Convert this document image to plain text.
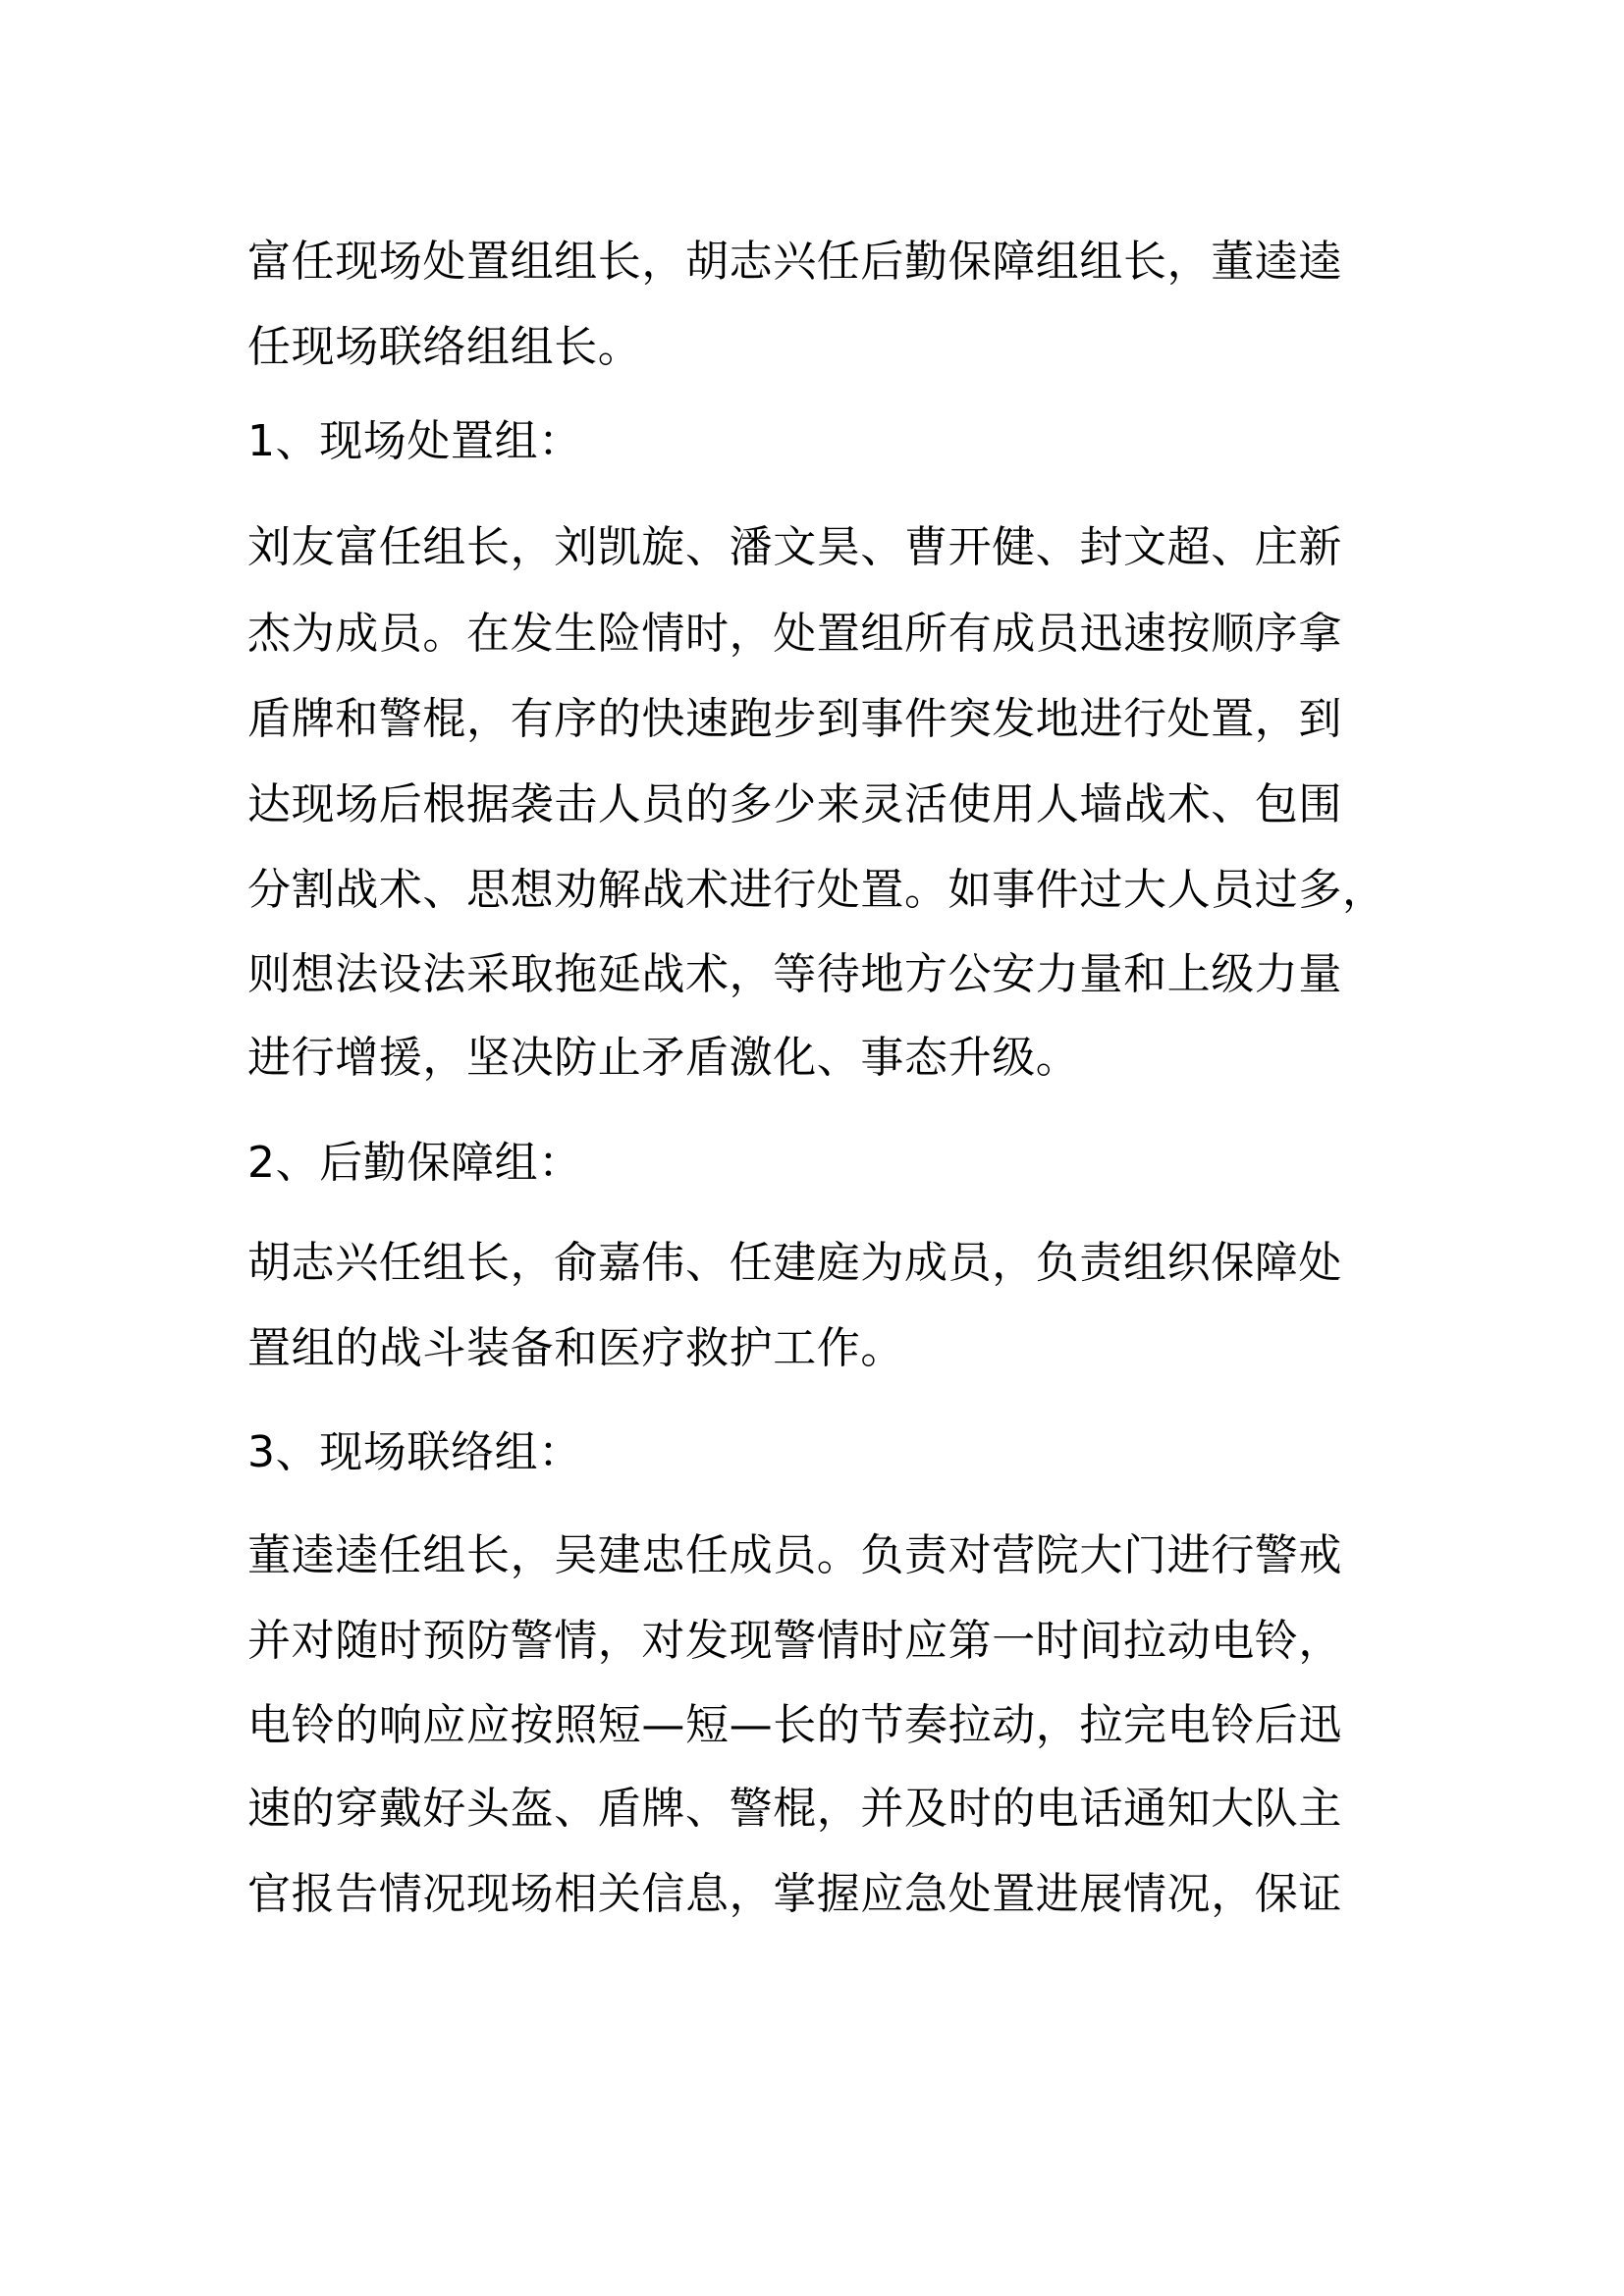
富任现场处置组组长，胡志兴任后勤保障组组长，董逵逵
任现场联络组组长。
1、现场处置组：
刘友富任组长，刘凯旋、潘文昊、曹开健、封文超、庄新
杰为成员。在发生险情时，处置组所有成员迅速按顺序拿
盾牌和警棍，有序的快速跑步到事件突发地进行处置，到
达现场后根据袭击人员的多少来灵活使用人墙战术、包围
分割战术、思想劝解战术进行处置。如事件过大人员过多，
则想法设法采取拖延战术，等待地方公安力量和上级力量
进行增援，坚决防止矛盾激化、事态升级。
2、后勤保障组：
胡志兴任组长，俞嘉伟、任建庭为成员，负责组织保障处
置组的战斗装备和医疗救护工作。
3、现场联络组：
董逵逵任组长，吴建忠任成员。负责对营院大门进行警戒
并对随时预防警情，对发现警情时应第一时间拉动电铃，
电铃的响应应按照短—短—长的节奏拉动，拉完电铃后迅
速的穿戴好头盔、盾牌、警棍，并及时的电话通知大队主
官报告情况现场相关信息，掌握应急处置进展情况，保证
